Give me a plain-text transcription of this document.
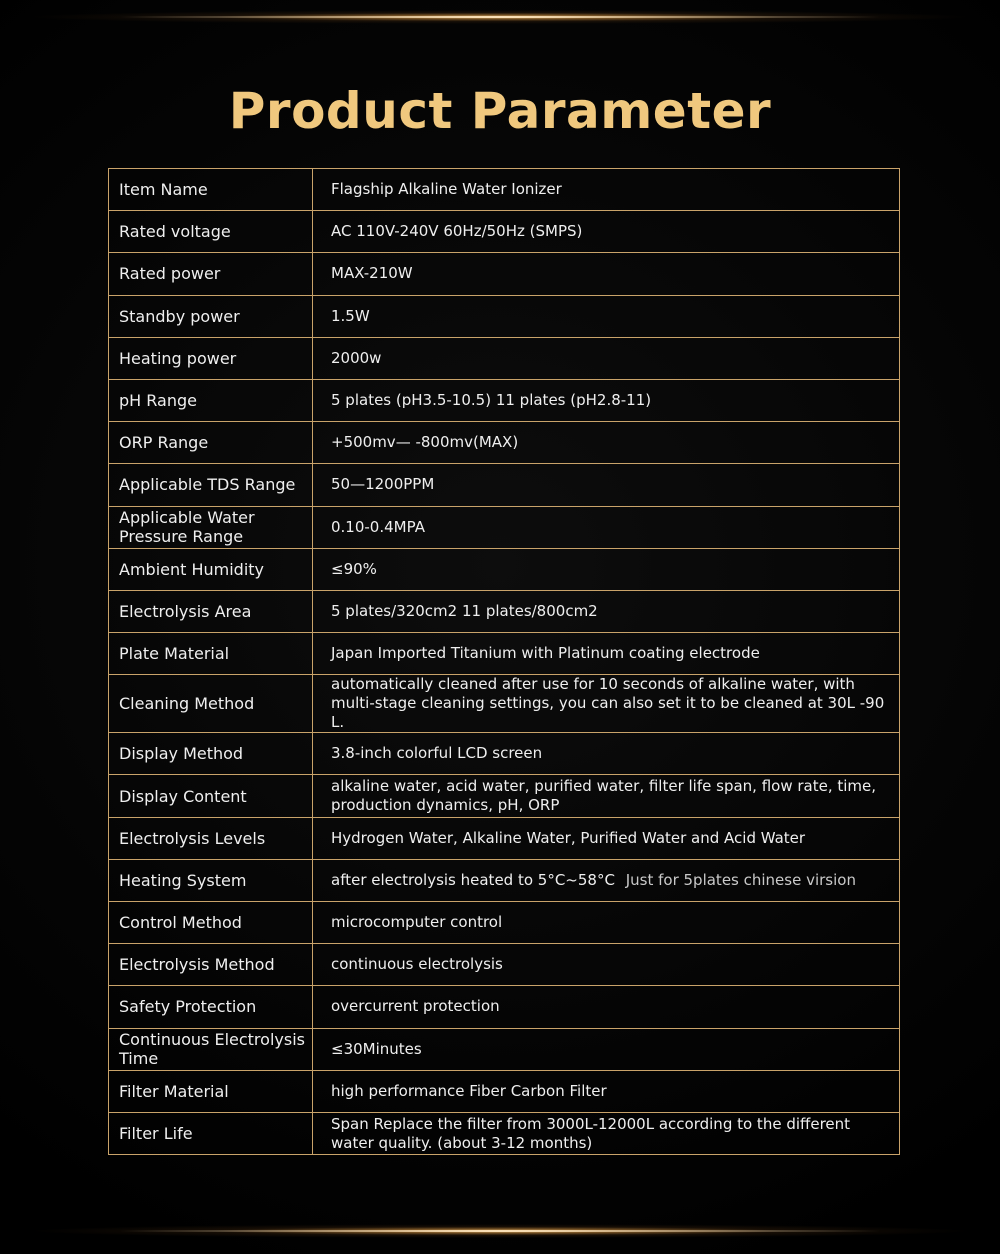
Product Parameter
Item Name	Flagship Alkaline Water Ionizer
Rated voltage	AC 110V-240V 60Hz/50Hz (SMPS)
Rated power	MAX-210W
Standby power	1.5W
Heating power	2000w
pH Range	5 plates (pH3.5-10.5) 11 plates (pH2.8-11)
ORP Range	+500mv— -800mv(MAX)
Applicable TDS Range	50—1200PPM
Applicable Water Pressure Range	0.10-0.4MPA
Ambient Humidity	≤90%
Electrolysis Area	5 plates/320cm2 11 plates/800cm2
Plate Material	Japan Imported Titanium with Platinum coating electrode
Cleaning Method	automatically cleaned after use for 10 seconds of alkaline water, with multi-stage cleaning settings, you can also set it to be cleaned at 30L -90 L.
Display Method	3.8-inch colorful LCD screen
Display Content	alkaline water, acid water, purified water, filter life span, flow rate, time, production dynamics, pH, ORP
Electrolysis Levels	Hydrogen Water, Alkaline Water, Purified Water and Acid Water
Heating System	after electrolysis heated to 5°C~58°C Just for 5plates chinese virsion
Control Method	microcomputer control
Electrolysis Method	continuous electrolysis
Safety Protection	overcurrent protection
Continuous Electrolysis Time	≤30Minutes
Filter Material	high performance Fiber Carbon Filter
Filter Life	Span Replace the filter from 3000L-12000L according to the different water quality. (about 3-12 months)
